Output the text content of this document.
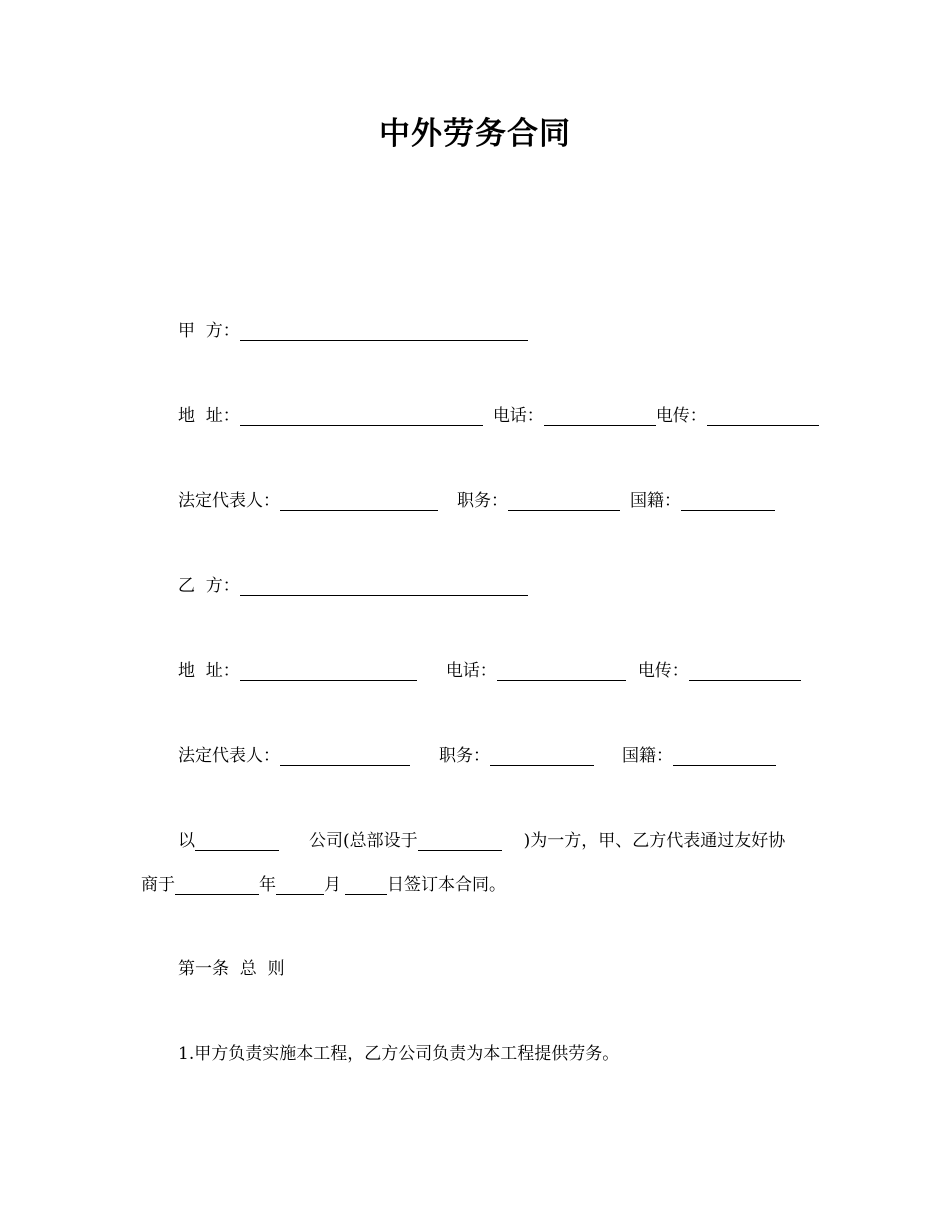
中外劳务合同
甲  方：
地  址：	电话：	电传：
法定代表人：	职务：	国籍：
乙  方：
地  址：	电话：	电传：
法定代表人：	职务：	国籍：
以	公司(总部设于	)为一方，甲、乙方代表通过友好协
商于	年	月	日签订本合同。
第一条  总  则
1.甲方负责实施本工程，乙方公司负责为本工程提供劳务。
